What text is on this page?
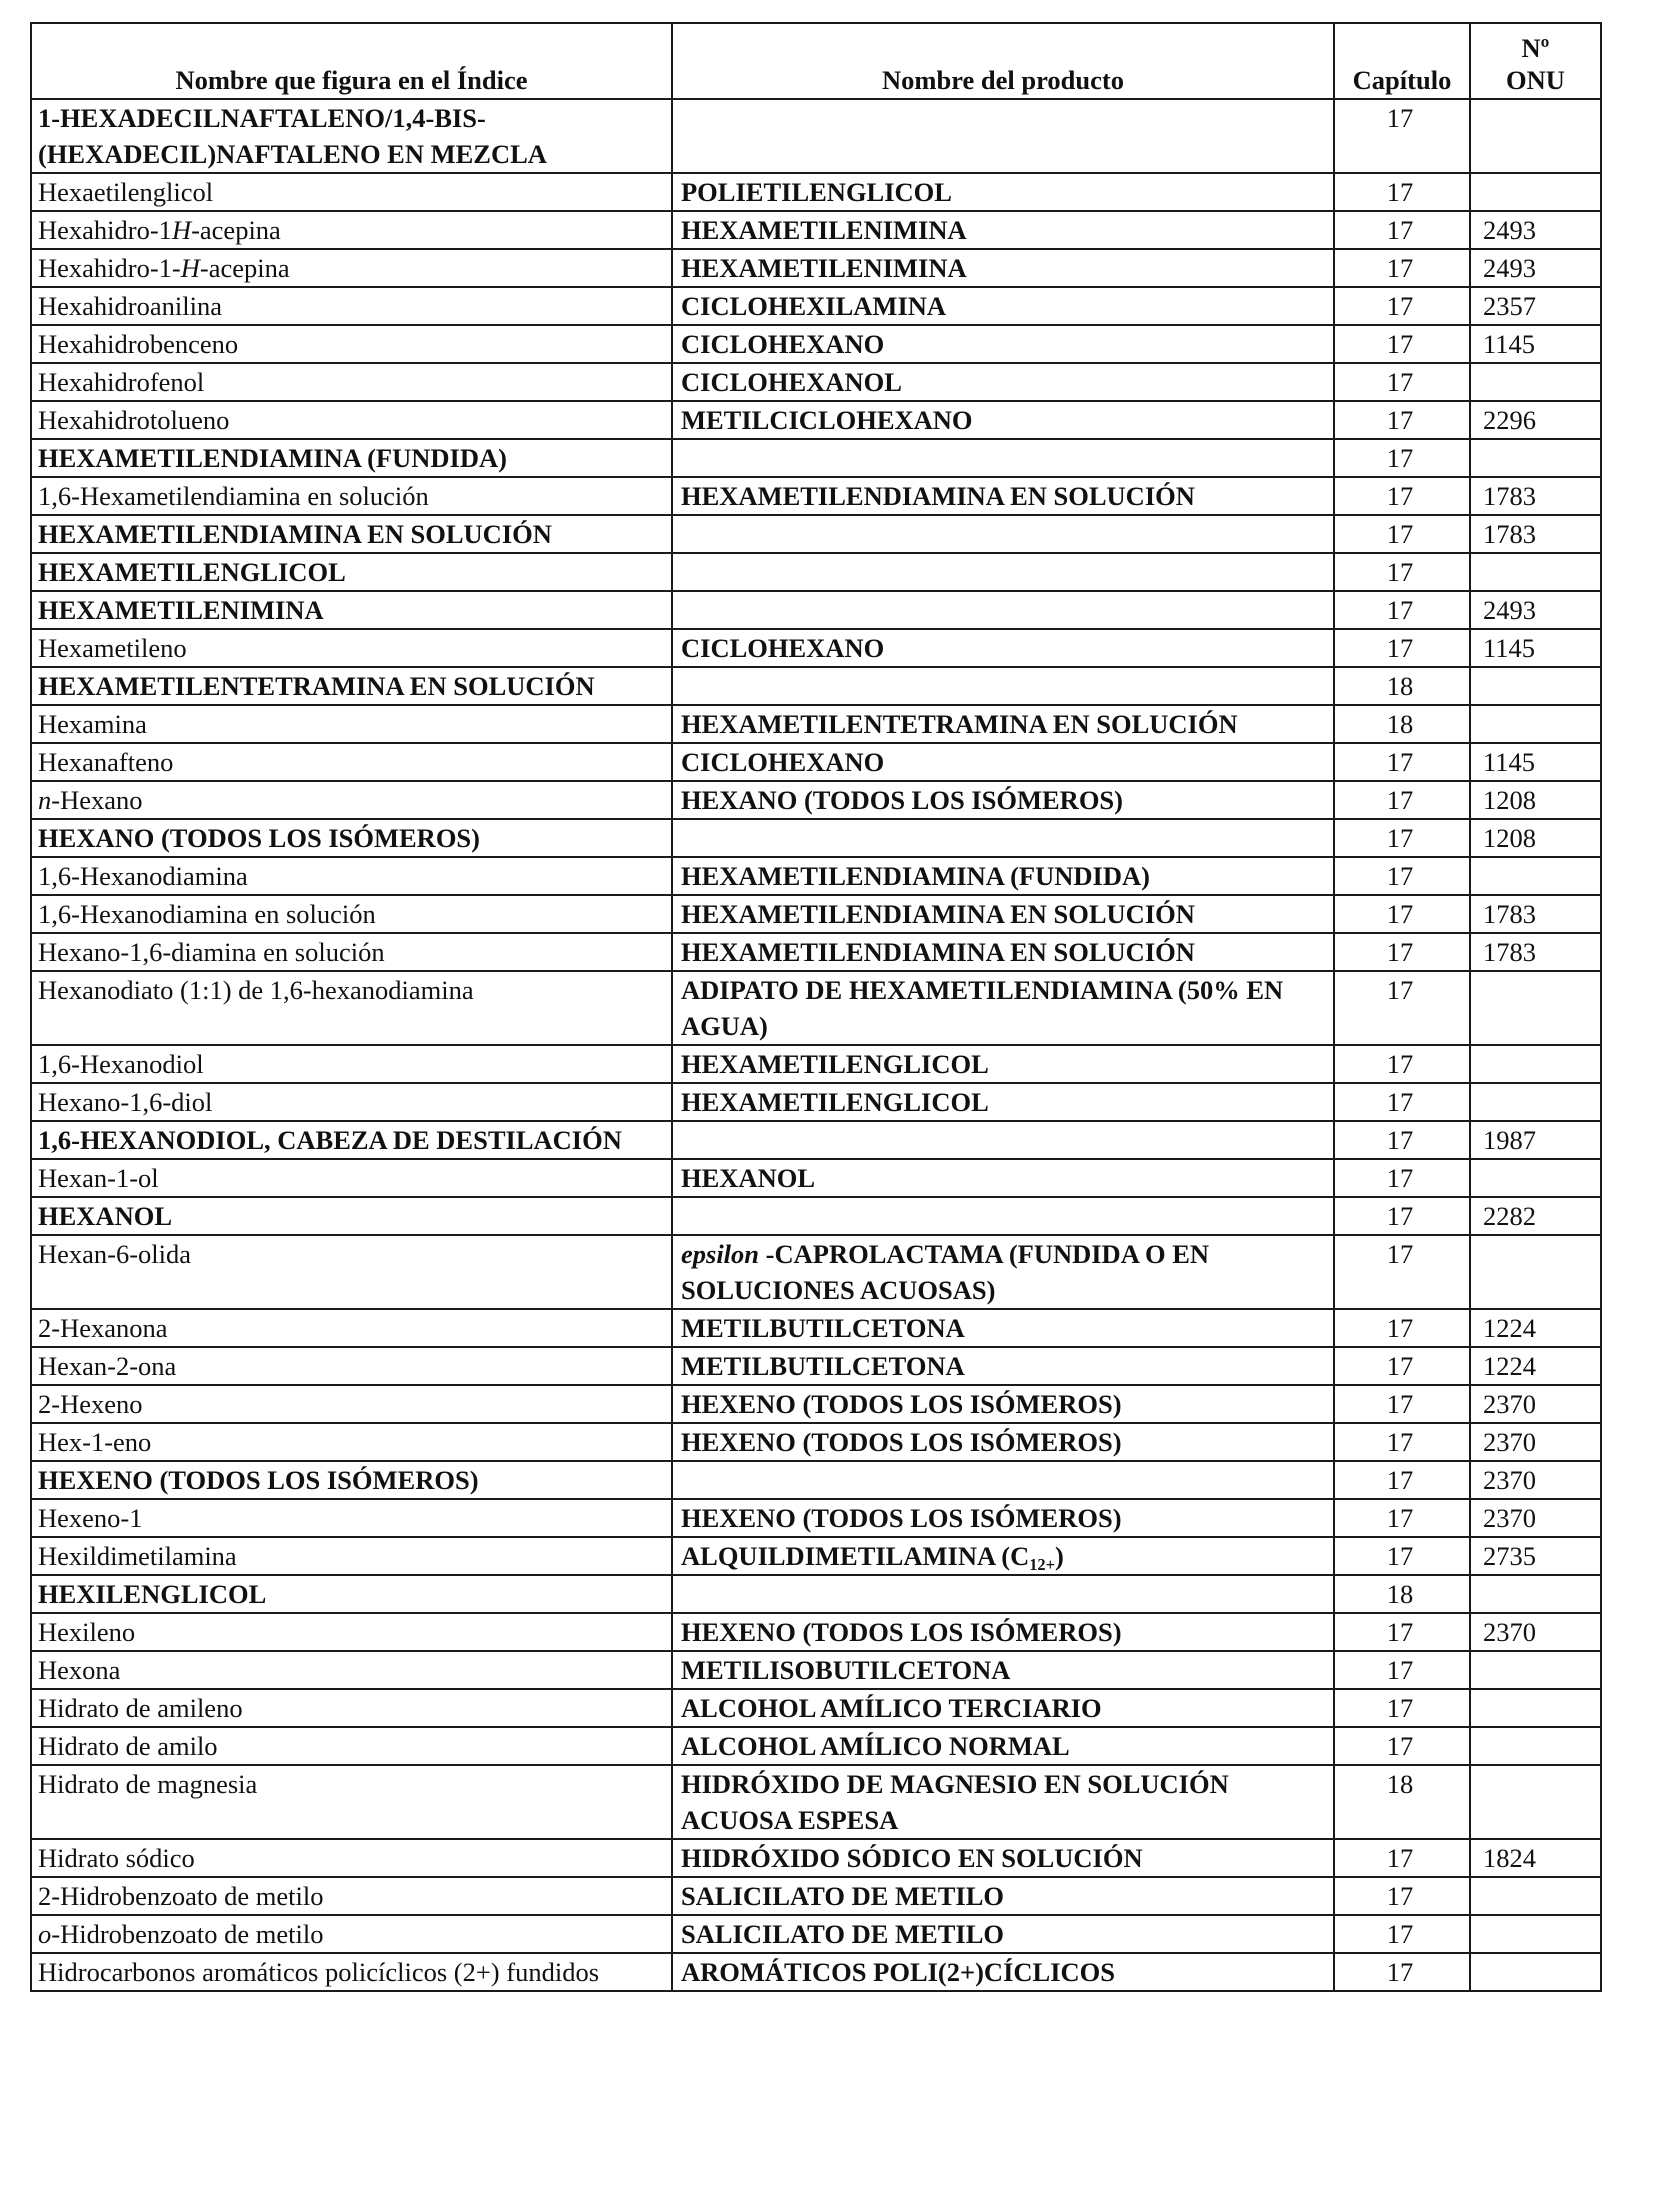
Nombre que figura en el Índice	Nombre del producto	Capítulo	Nº
ONU
1-HEXADECILNAFTALENO/1,4-BIS-(HEXADECIL)NAFTALENO EN MEZCLA		17	
Hexaetilenglicol	POLIETILENGLICOL	17	
Hexahidro-1H-acepina	HEXAMETILENIMINA	17	2493
Hexahidro-1-H-acepina	HEXAMETILENIMINA	17	2493
Hexahidroanilina	CICLOHEXILAMINA	17	2357
Hexahidrobenceno	CICLOHEXANO	17	1145
Hexahidrofenol	CICLOHEXANOL	17	
Hexahidrotolueno	METILCICLOHEXANO	17	2296
HEXAMETILENDIAMINA (FUNDIDA)		17	
1,6-Hexametilendiamina en solución	HEXAMETILENDIAMINA EN SOLUCIÓN	17	1783
HEXAMETILENDIAMINA EN SOLUCIÓN		17	1783
HEXAMETILENGLICOL		17	
HEXAMETILENIMINA		17	2493
Hexametileno	CICLOHEXANO	17	1145
HEXAMETILENTETRAMINA EN SOLUCIÓN		18	
Hexamina	HEXAMETILENTETRAMINA EN SOLUCIÓN	18	
Hexanafteno	CICLOHEXANO	17	1145
n-Hexano	HEXANO (TODOS LOS ISÓMEROS)	17	1208
HEXANO (TODOS LOS ISÓMEROS)		17	1208
1,6-Hexanodiamina	HEXAMETILENDIAMINA (FUNDIDA)	17	
1,6-Hexanodiamina en solución	HEXAMETILENDIAMINA EN SOLUCIÓN	17	1783
Hexano-1,6-diamina en solución	HEXAMETILENDIAMINA EN SOLUCIÓN	17	1783
Hexanodiato (1:1) de 1,6-hexanodiamina	ADIPATO DE HEXAMETILENDIAMINA (50% EN AGUA)	17	
1,6-Hexanodiol	HEXAMETILENGLICOL	17	
Hexano-1,6-diol	HEXAMETILENGLICOL	17	
1,6-HEXANODIOL, CABEZA DE DESTILACIÓN		17	1987
Hexan-1-ol	HEXANOL	17	
HEXANOL		17	2282
Hexan-6-olida	epsilon -CAPROLACTAMA (FUNDIDA O EN SOLUCIONES ACUOSAS)	17	
2-Hexanona	METILBUTILCETONA	17	1224
Hexan-2-ona	METILBUTILCETONA	17	1224
2-Hexeno	HEXENO (TODOS LOS ISÓMEROS)	17	2370
Hex-1-eno	HEXENO (TODOS LOS ISÓMEROS)	17	2370
HEXENO (TODOS LOS ISÓMEROS)		17	2370
Hexeno-1	HEXENO (TODOS LOS ISÓMEROS)	17	2370
Hexildimetilamina	ALQUILDIMETILAMINA $(C_{12+})$	17	2735
HEXILENGLICOL		18	
Hexileno	HEXENO (TODOS LOS ISÓMEROS)	17	2370
Hexona	METILISOBUTILCETONA	17	
Hidrato de amileno	ALCOHOL AMÍLICO TERCIARIO	17	
Hidrato de amilo	ALCOHOL AMÍLICO NORMAL	17	
Hidrato de magnesia	HIDRÓXIDO DE MAGNESIO EN SOLUCIÓN ACUOSA ESPESA	18	
Hidrato sódico	HIDRÓXIDO SÓDICO EN SOLUCIÓN	17	1824
2-Hidrobenzoato de metilo	SALICILATO DE METILO	17	
o-Hidrobenzoato de metilo	SALICILATO DE METILO	17	
Hidrocarbonos aromáticos policíclicos (2+) fundidos	AROMÁTICOS POLI(2+)CÍCLICOS	17	
